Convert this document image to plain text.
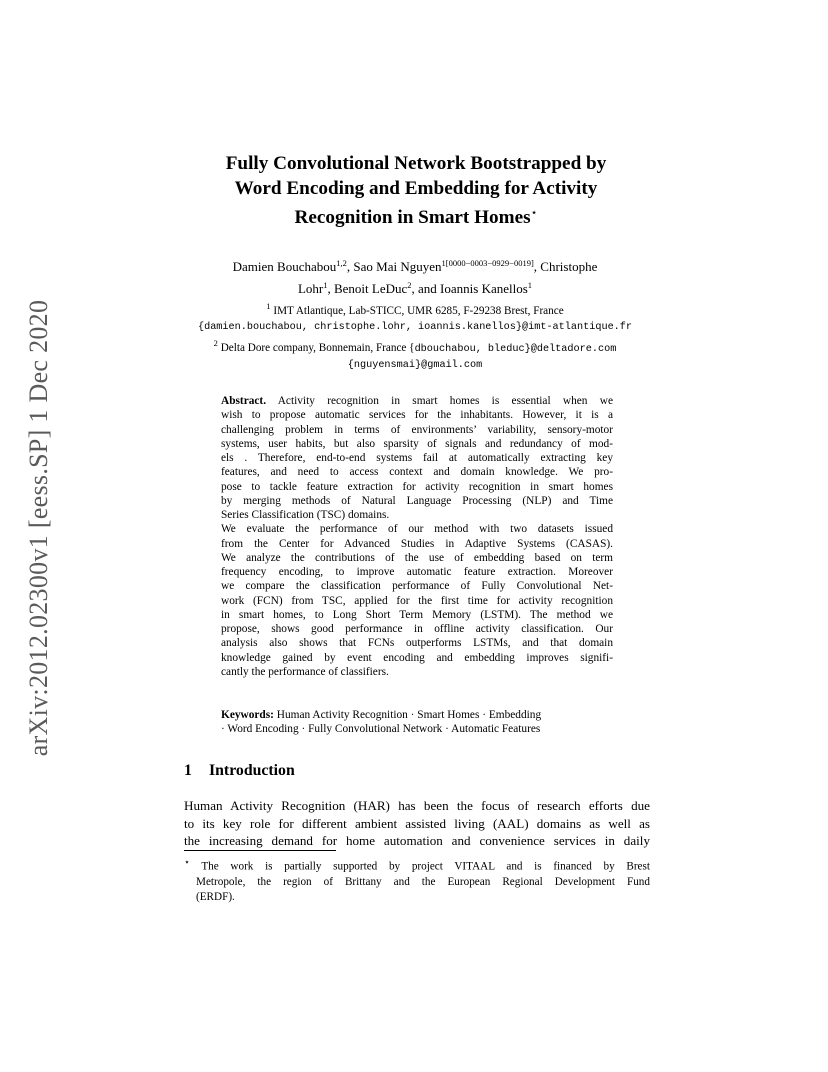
arXiv:2012.02300v1 [eess.SP] 1 Dec 2020
Fully Convolutional Network Bootstrapped by
Word Encoding and Embedding for Activity
Recognition in Smart Homes⋆
Damien Bouchabou$^{1,2}$, Sao Mai Nguyen$^{1[0000-0003-0929-0019]}$, Christophe
Lohr$^1$, Benoit LeDuc$^2$, and Ioannis Kanellos$^1$
$^1$ IMT Atlantique, Lab-STICC, UMR 6285, F-29238 Brest, France
{damien.bouchabou, christophe.lohr, ioannis.kanellos}@imt-atlantique.fr
$^2$ Delta Dore company, Bonnemain, France {dbouchabou, bleduc}@deltadore.com
{nguyensmai}@gmail.com
Abstract. Activity recognition in smart homes is essential when we
wish to propose automatic services for the inhabitants. However, it is a
challenging problem in terms of environments’ variability, sensory-motor
systems, user habits, but also sparsity of signals and redundancy of mod-
els . Therefore, end-to-end systems fail at automatically extracting key
features, and need to access context and domain knowledge. We pro-
pose to tackle feature extraction for activity recognition in smart homes
by merging methods of Natural Language Processing (NLP) and Time
Series Classification (TSC) domains.
We evaluate the performance of our method with two datasets issued
from the Center for Advanced Studies in Adaptive Systems (CASAS).
We analyze the contributions of the use of embedding based on term
frequency encoding, to improve automatic feature extraction. Moreover
we compare the classification performance of Fully Convolutional Net-
work (FCN) from TSC, applied for the first time for activity recognition
in smart homes, to Long Short Term Memory (LSTM). The method we
propose, shows good performance in offline activity classification. Our
analysis also shows that FCNs outperforms LSTMs, and that domain
knowledge gained by event encoding and embedding improves signifi-
cantly the performance of classifiers.
Keywords: Human Activity Recognition · Smart Homes · Embedding
· Word Encoding · Fully Convolutional Network · Automatic Features
1 Introduction
Human Activity Recognition (HAR) has been the focus of research efforts due
to its key role for different ambient assisted living (AAL) domains as well as
the increasing demand for home automation and convenience services in daily
⋆ The work is partially supported by project VITAAL and is financed by Brest
Metropole, the region of Brittany and the European Regional Development Fund
(ERDF).
